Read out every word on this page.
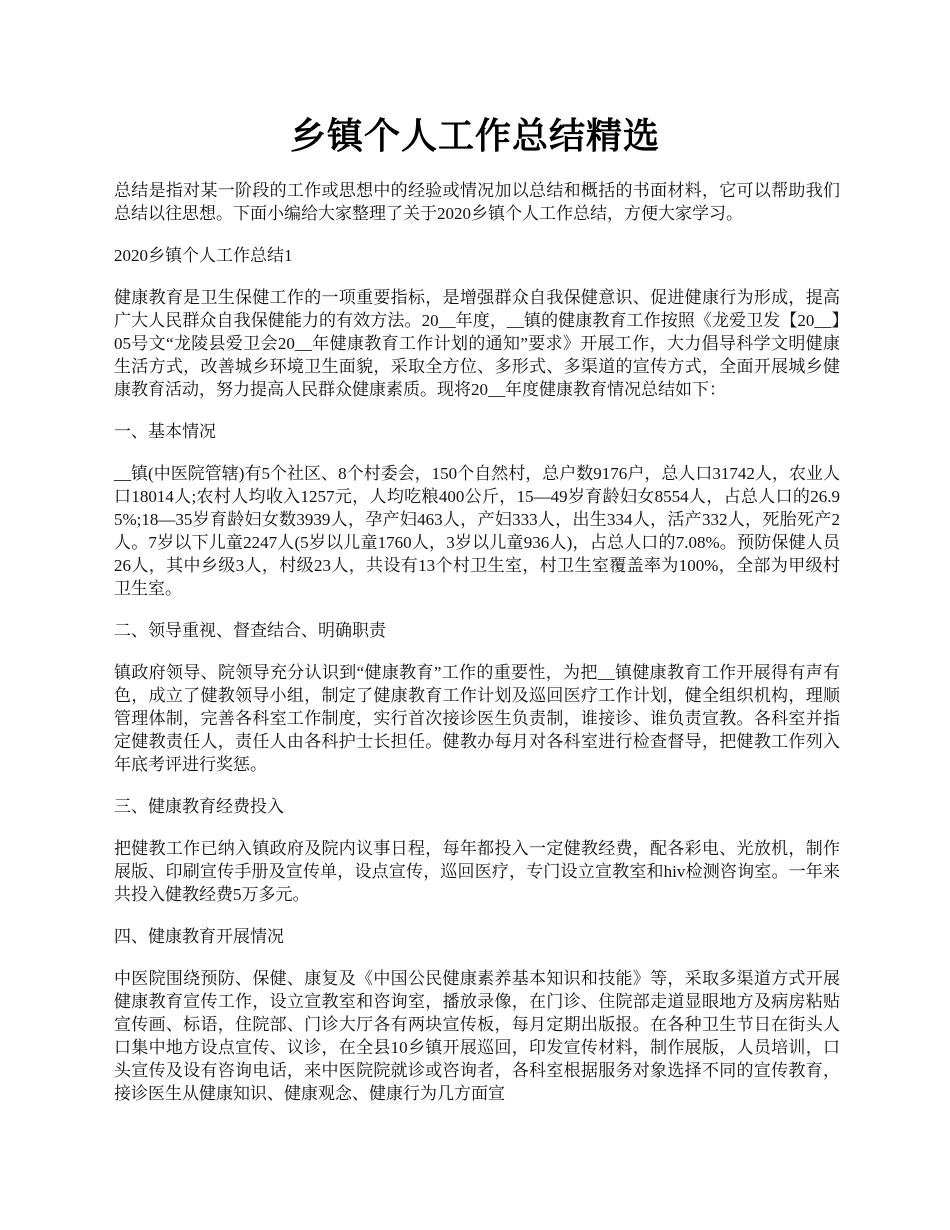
乡镇个人工作总结精选

总结是指对某一阶段的工作或思想中的经验或情况加以总结和概括的书面材料，它可以帮助我们总结以往思想。下面小编给大家整理了关于2020乡镇个人工作总结，方便大家学习。

2020乡镇个人工作总结1

健康教育是卫生保健工作的一项重要指标，是增强群众自我保健意识、促进健康行为形成，提高广大人民群众自我保健能力的有效方法。20__年度，__镇的健康教育工作按照《龙爱卫发【20__】05号文“龙陵县爱卫会20__年健康教育工作计划的通知”要求》开展工作，大力倡导科学文明健康生活方式，改善城乡环境卫生面貌，采取全方位、多形式、多渠道的宣传方式，全面开展城乡健康教育活动，努力提高人民群众健康素质。现将20__年度健康教育情况总结如下：

一、基本情况

__镇(中医院管辖)有5个社区、8个村委会，150个自然村，总户数9176户，总人口31742人，农业人口18014人;农村人均收入1257元，人均吃粮400公斤，15—49岁育龄妇女8554人，占总人口的26.95%;18—35岁育龄妇女数3939人，孕产妇463人，产妇333人，出生334人，活产332人，死胎死产2人。7岁以下儿童2247人(5岁以儿童1760人，3岁以儿童936人)，占总人口的7.08%。预防保健人员26人，其中乡级3人，村级23人，共设有13个村卫生室，村卫生室覆盖率为100%，全部为甲级村卫生室。

二、领导重视、督查结合、明确职责

镇政府领导、院领导充分认识到“健康教育”工作的重要性，为把__镇健康教育工作开展得有声有色，成立了健教领导小组，制定了健康教育工作计划及巡回医疗工作计划，健全组织机构，理顺管理体制，完善各科室工作制度，实行首次接诊医生负责制，谁接诊、谁负责宣教。各科室并指定健教责任人，责任人由各科护士长担任。健教办每月对各科室进行检查督导，把健教工作列入年底考评进行奖惩。

三、健康教育经费投入

把健教工作已纳入镇政府及院内议事日程，每年都投入一定健教经费，配各彩电、光放机，制作展版、印刷宣传手册及宣传单，设点宣传，巡回医疗，专门设立宣教室和hiv检测咨询室。一年来共投入健教经费5万多元。

四、健康教育开展情况

中医院围绕预防、保健、康复及《中国公民健康素养基本知识和技能》等，采取多渠道方式开展健康教育宣传工作，设立宣教室和咨询室，播放录像，在门诊、住院部走道显眼地方及病房粘贴宣传画、标语，住院部、门诊大厅各有两块宣传板，每月定期出版报。在各种卫生节日在街头人口集中地方设点宣传、议诊，在全县10乡镇开展巡回，印发宣传材料，制作展版，人员培训，口头宣传及设有咨询电话，来中医院院就诊或咨询者，各科室根据服务对象选择不同的宣传教育，接诊医生从健康知识、健康观念、健康行为几方面宣
